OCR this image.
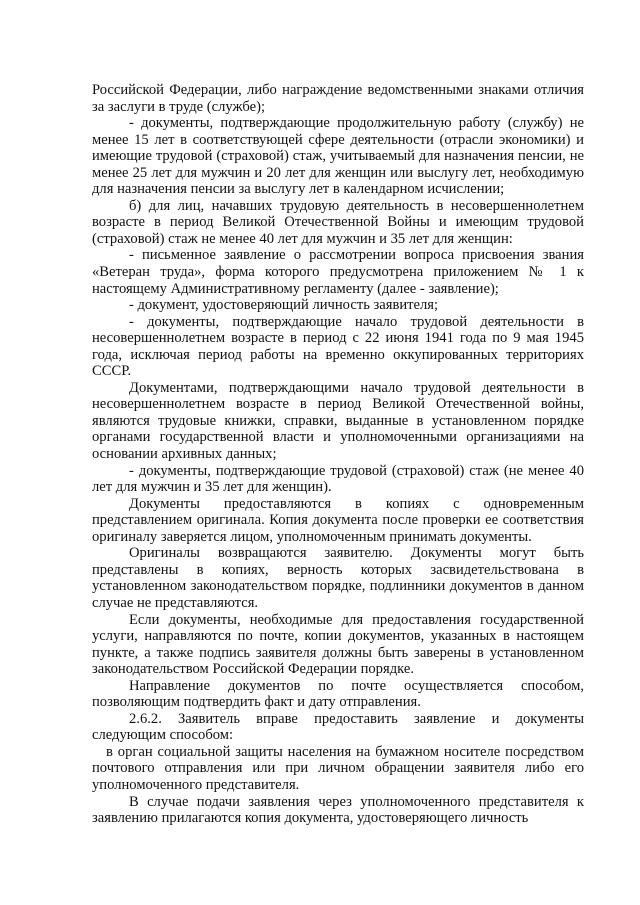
Российской Федерации, либо награждение ведомственными знаками отличия за заслуги в труде (службе);

- документы, подтверждающие продолжительную работу (службу) не менее 15 лет в соответствующей сфере деятельности (отрасли экономики) и имеющие трудовой (страховой) стаж, учитываемый для назначения пенсии, не менее 25 лет для мужчин и 20 лет для женщин или выслугу лет, необходимую для назначения пенсии за выслугу лет в календарном исчислении;

б) для лиц, начавших трудовую деятельность в несовершеннолетнем возрасте в период Великой Отечественной Войны и имеющим трудовой (страховой) стаж не менее 40 лет для мужчин и 35 лет для женщин:

- письменное заявление о рассмотрении вопроса присвоения звания «Ветеран труда», форма которого предусмотрена приложением № 1 к настоящему Административному регламенту (далее - заявление);

- документ, удостоверяющий личность заявителя;

- документы, подтверждающие начало трудовой деятельности в несовершеннолетнем возрасте в период с 22 июня 1941 года по 9 мая 1945 года, исключая период работы на временно оккупированных территориях СССР.

Документами, подтверждающими начало трудовой деятельности в несовершеннолетнем возрасте в период Великой Отечественной войны, являются трудовые книжки, справки, выданные в установленном порядке органами государственной власти и уполномоченными организациями на основании архивных данных;

- документы, подтверждающие трудовой (страховой) стаж (не менее 40 лет для мужчин и 35 лет для женщин).

Документы предоставляются в копиях с одновременным представлением оригинала. Копия документа после проверки ее соответствия оригиналу заверяется лицом, уполномоченным принимать документы.

Оригиналы возвращаются заявителю. Документы могут быть представлены в копиях, верность которых засвидетельствована в установленном законодательством порядке, подлинники документов в данном случае не представляются.

Если документы, необходимые для предоставления государственной услуги, направляются по почте, копии документов, указанных в настоящем пункте, а также подпись заявителя должны быть заверены в установленном законодательством Российской Федерации порядке.

Направление документов по почте осуществляется способом, позволяющим подтвердить факт и дату отправления.

2.6.2. Заявитель вправе предоставить заявление и документы следующим способом:

в орган социальной защиты населения на бумажном носителе посредством почтового отправления или при личном обращении заявителя либо его уполномоченного представителя.

В случае подачи заявления через уполномоченного представителя к заявлению прилагаются копия документа, удостоверяющего личность
